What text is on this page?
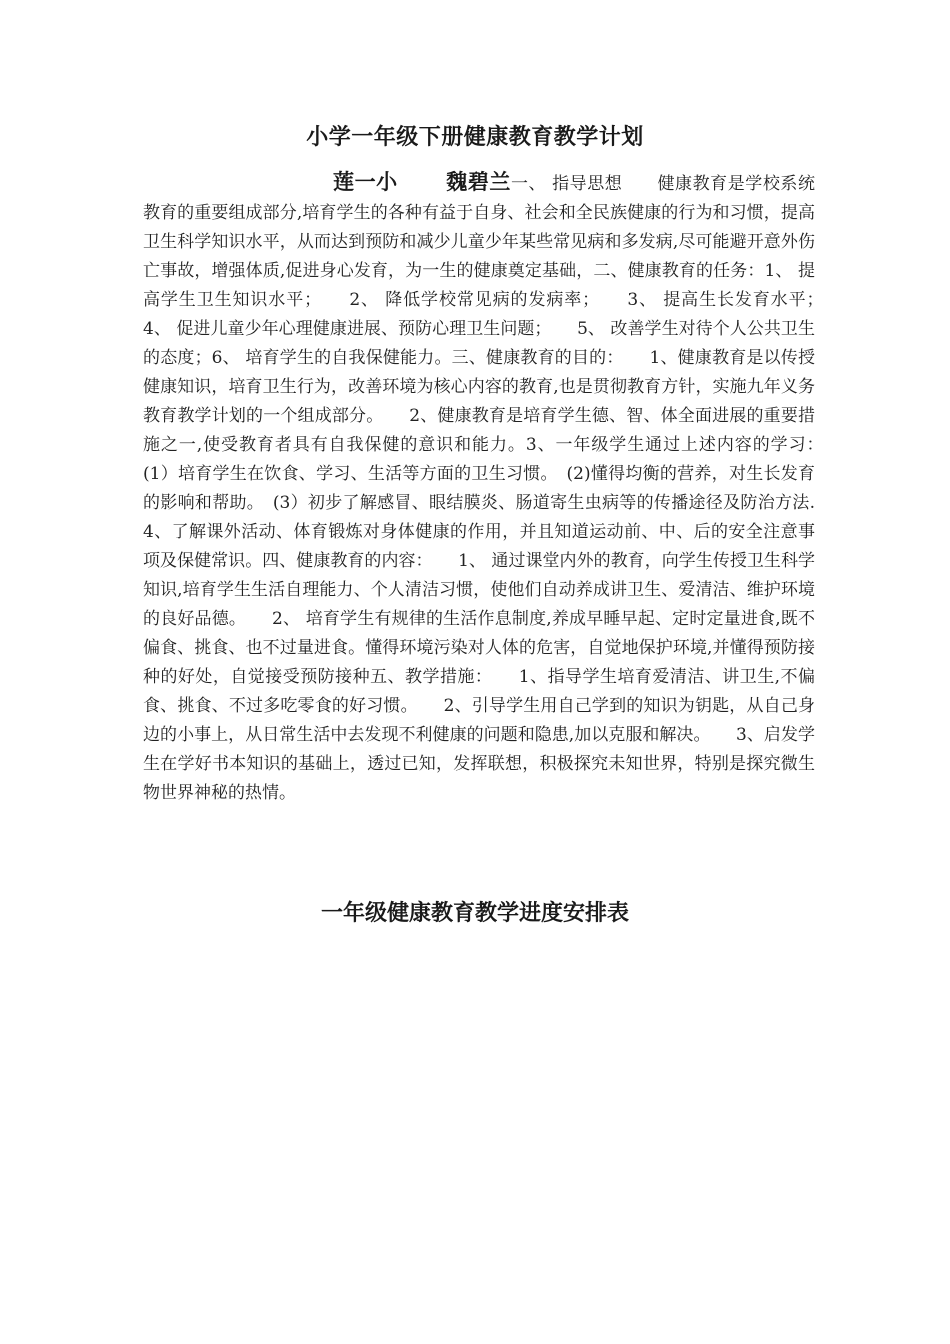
小学一年级下册健康教育教学计划
莲一小 魏碧兰一、 指导思想　　健康教育是学校系统教育的重要组成部分,培育学生的各种有益于自身、社会和全民族健康的行为和习惯，提高卫生科学知识水平，从而达到预防和减少儿童少年某些常见病和多发病,尽可能避开意外伤亡事故，增强体质,促进身心发育，为一生的健康奠定基础，二、健康教育的任务：1、 提高学生卫生知识水平；　　2、 降低学校常见病的发病率；　　3、 提高生长发育水平；　　4、 促进儿童少年心理健康进展、预防心理卫生问题；　　5、 改善学生对待个人公共卫生的态度；6、 培育学生的自我保健能力。三、健康教育的目的：　　1、健康教育是以传授健康知识，培育卫生行为，改善环境为核心内容的教育,也是贯彻教育方针，实施九年义务教育教学计划的一个组成部分。　　2、健康教育是培育学生德、智、体全面进展的重要措施之一,使受教育者具有自我保健的意识和能力。3、一年级学生通过上述内容的学习：　(1）培育学生在饮食、学习、生活等方面的卫生习惯。　(2)懂得均衡的营养，对生长发育的影响和帮助。　(3）初步了解感冒、眼结膜炎、肠道寄生虫病等的传播途径及防治方法.　　4、了解课外活动、体育锻炼对身体健康的作用，并且知道运动前、中、后的安全注意事项及保健常识。四、健康教育的内容：　　1、 通过课堂内外的教育，向学生传授卫生科学知识,培育学生生活自理能力、个人清洁习惯，使他们自动养成讲卫生、爱清洁、维护环境的良好品德。　　2、 培育学生有规律的生活作息制度,养成早睡早起、定时定量进食,既不偏食、挑食、也不过量进食。懂得环境污染对人体的危害，自觉地保护环境,并懂得预防接种的好处，自觉接受预防接种五、教学措施：　　1、指导学生培育爱清洁、讲卫生,不偏食、挑食、不过多吃零食的好习惯。　　2、引导学生用自己学到的知识为钥匙，从自己身边的小事上，从日常生活中去发现不利健康的问题和隐患,加以克服和解决。　　3、启发学生在学好书本知识的基础上，透过已知，发挥联想，积极探究未知世界，特别是探究微生物世界神秘的热情。
一年级健康教育教学进度安排表
